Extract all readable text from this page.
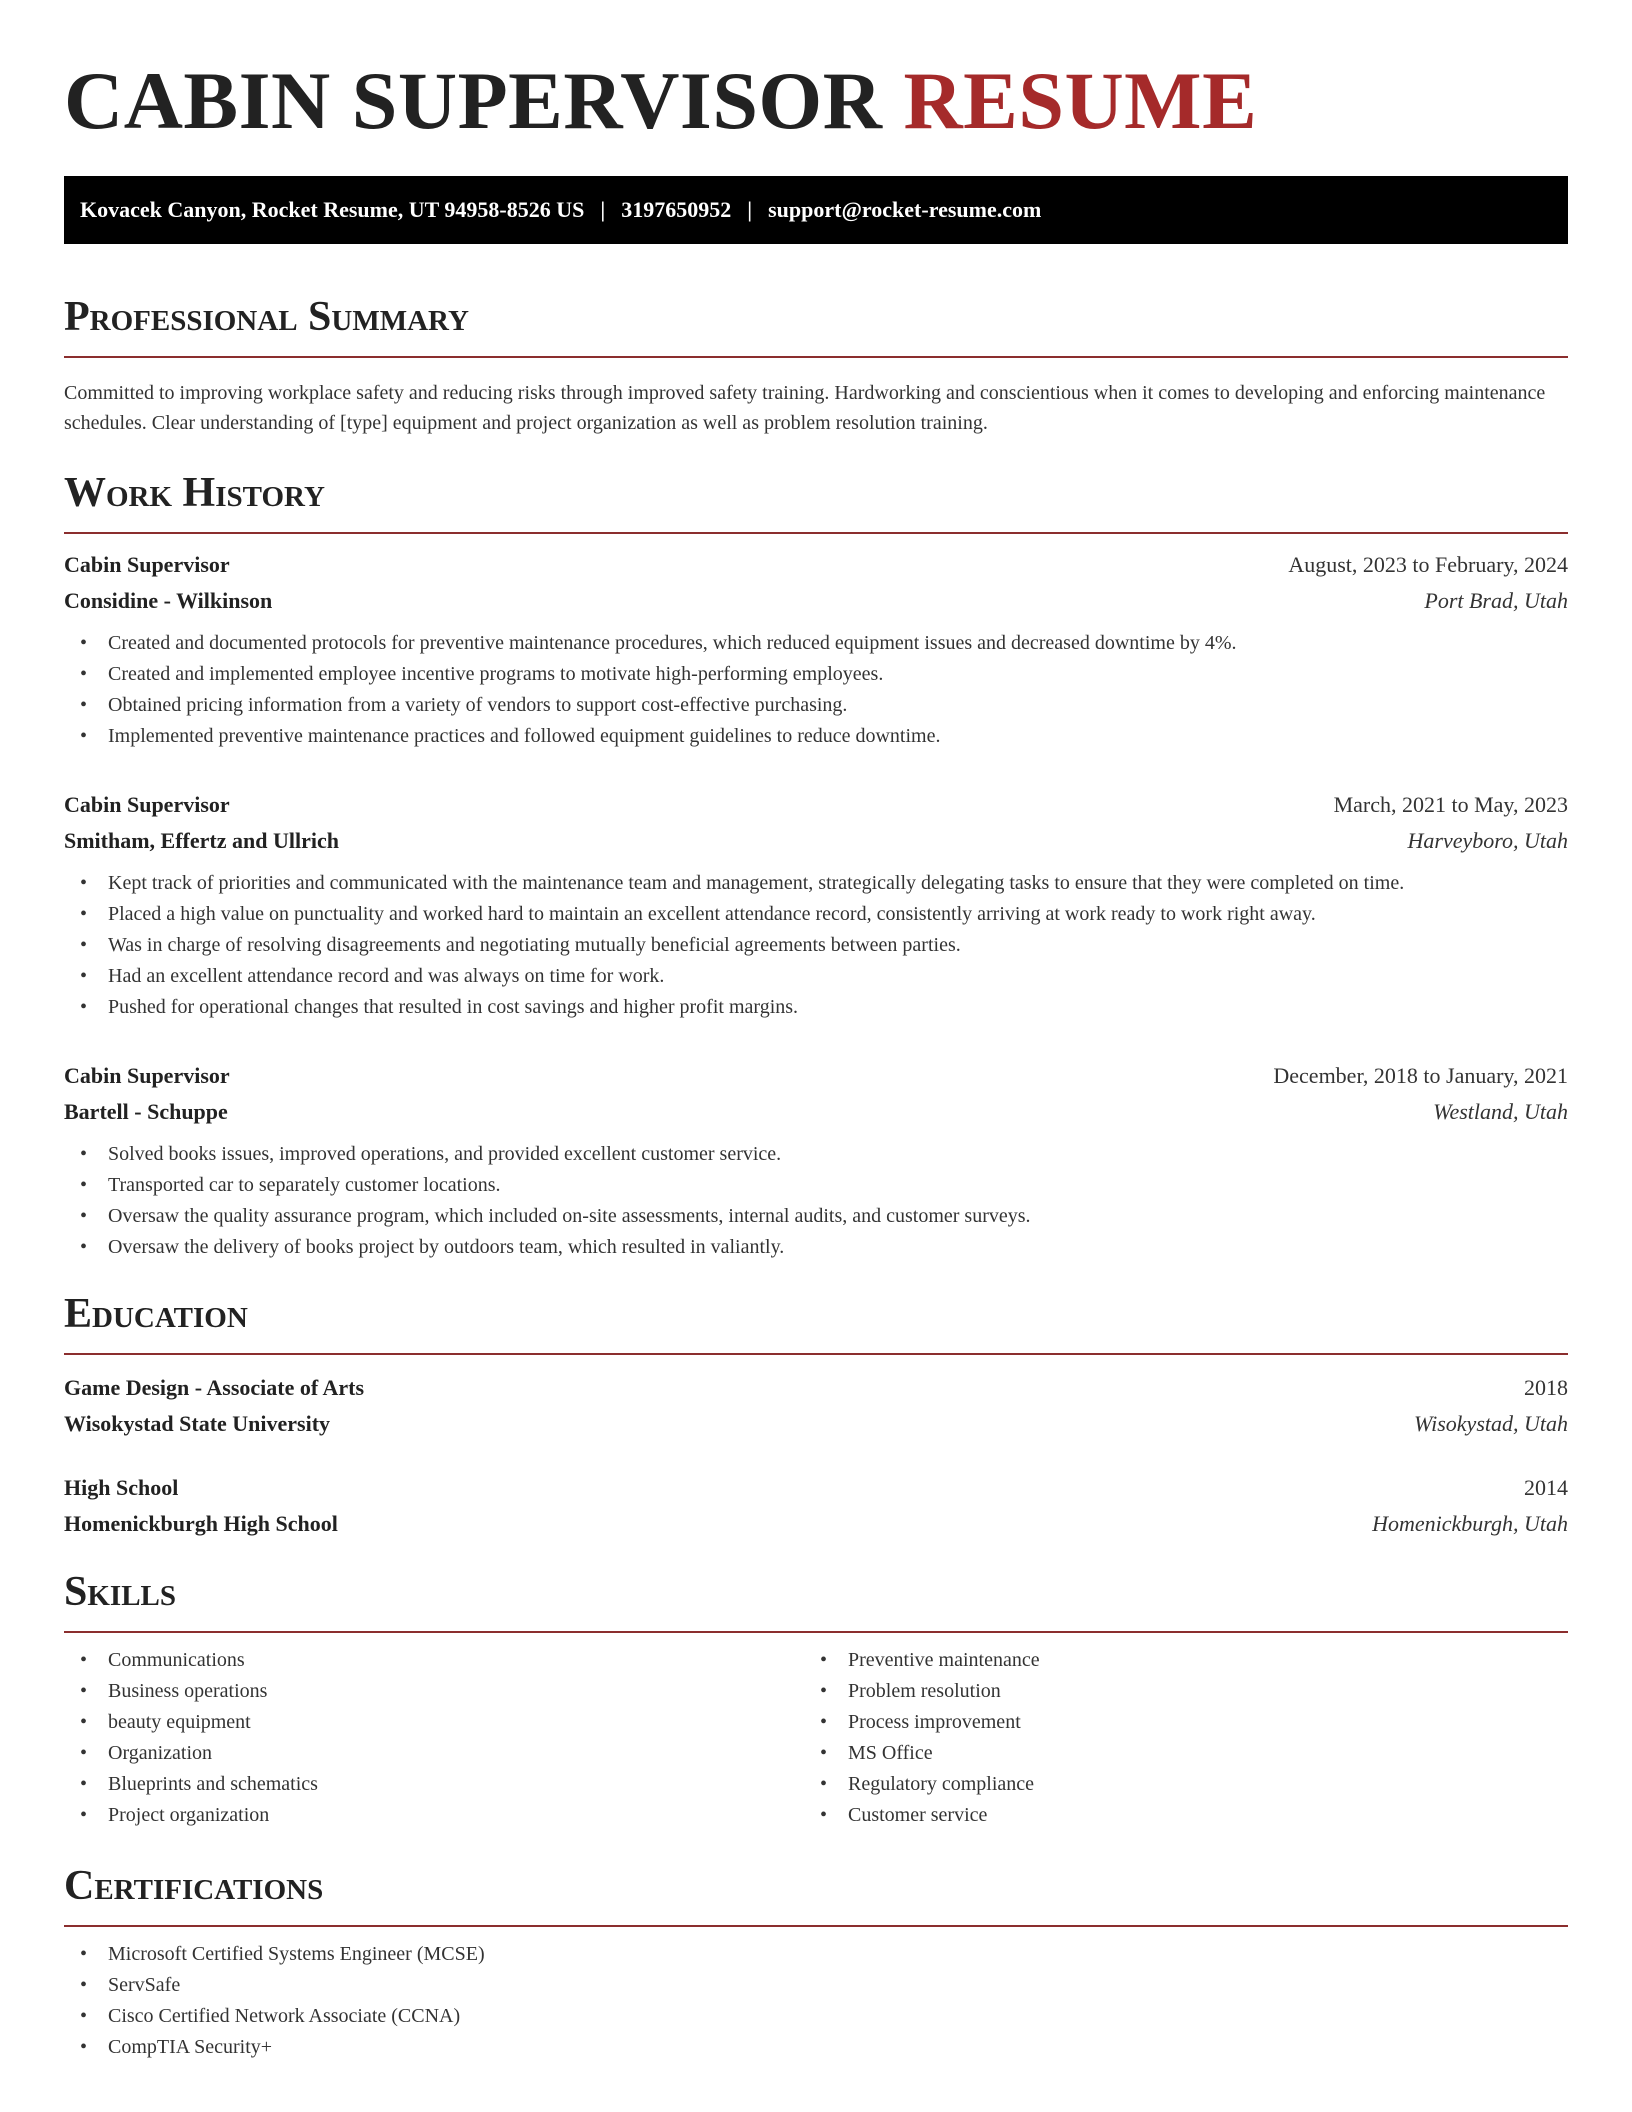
CABIN SUPERVISOR RESUME
Kovacek Canyon, Rocket Resume, UT 94958-8526 US | 3197650952 | support@rocket-resume.com
Professional Summary

Committed to improving workplace safety and reducing risks through improved safety training. Hardworking and conscientious when it comes to developing and enforcing maintenance schedules. Clear understanding of [type] equipment and project organization as well as problem resolution training.

Work History
Cabin Supervisor	August, 2023 to February, 2024
Considine - Wilkinson	Port Brad, Utah
• Created and documented protocols for preventive maintenance procedures, which reduced equipment issues and decreased downtime by 4%.
• Created and implemented employee incentive programs to motivate high-performing employees.
• Obtained pricing information from a variety of vendors to support cost-effective purchasing.
• Implemented preventive maintenance practices and followed equipment guidelines to reduce downtime.
Cabin Supervisor	March, 2021 to May, 2023
Smitham, Effertz and Ullrich	Harveyboro, Utah
• Kept track of priorities and communicated with the maintenance team and management, strategically delegating tasks to ensure that they were completed on time.
• Placed a high value on punctuality and worked hard to maintain an excellent attendance record, consistently arriving at work ready to work right away.
• Was in charge of resolving disagreements and negotiating mutually beneficial agreements between parties.
• Had an excellent attendance record and was always on time for work.
• Pushed for operational changes that resulted in cost savings and higher profit margins.
Cabin Supervisor	December, 2018 to January, 2021
Bartell - Schuppe	Westland, Utah
• Solved books issues, improved operations, and provided excellent customer service.
• Transported car to separately customer locations.
• Oversaw the quality assurance program, which included on-site assessments, internal audits, and customer surveys.
• Oversaw the delivery of books project by outdoors team, which resulted in valiantly.
Education
Game Design - Associate of Arts	2018
Wisokystad State University	Wisokystad, Utah
High School	2014
Homenickburgh High School	Homenickburgh, Utah
Skills
• Communications
• Business operations
• beauty equipment
• Organization
• Blueprints and schematics
• Project organization
• Preventive maintenance
• Problem resolution
• Process improvement
• MS Office
• Regulatory compliance
• Customer service
Certifications
• Microsoft Certified Systems Engineer (MCSE)
• ServSafe
• Cisco Certified Network Associate (CCNA)
• CompTIA Security+
